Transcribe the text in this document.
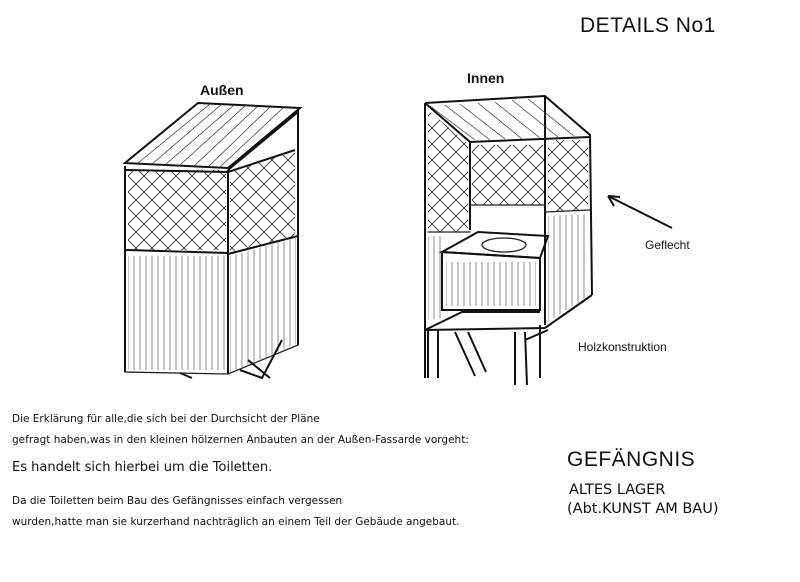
DETAILS No1
Außen
Innen
Geflecht
Holzkonstruktion
Die Erklärung für alle,die sich bei der Durchsicht der Pläne
gefragt haben,was in den kleinen hölzernen Anbauten an der Außen-Fassarde vorgeht:
Es handelt sich hierbei um die Toiletten.
Da die Toiletten beim Bau des Gefängnisses einfach vergessen
wurden,hatte man sie kurzerhand nachträglich an einem Teil der Gebäude angebaut.
GEFÄNGNIS
ALTES LAGER
(Abt.KUNST AM BAU)
